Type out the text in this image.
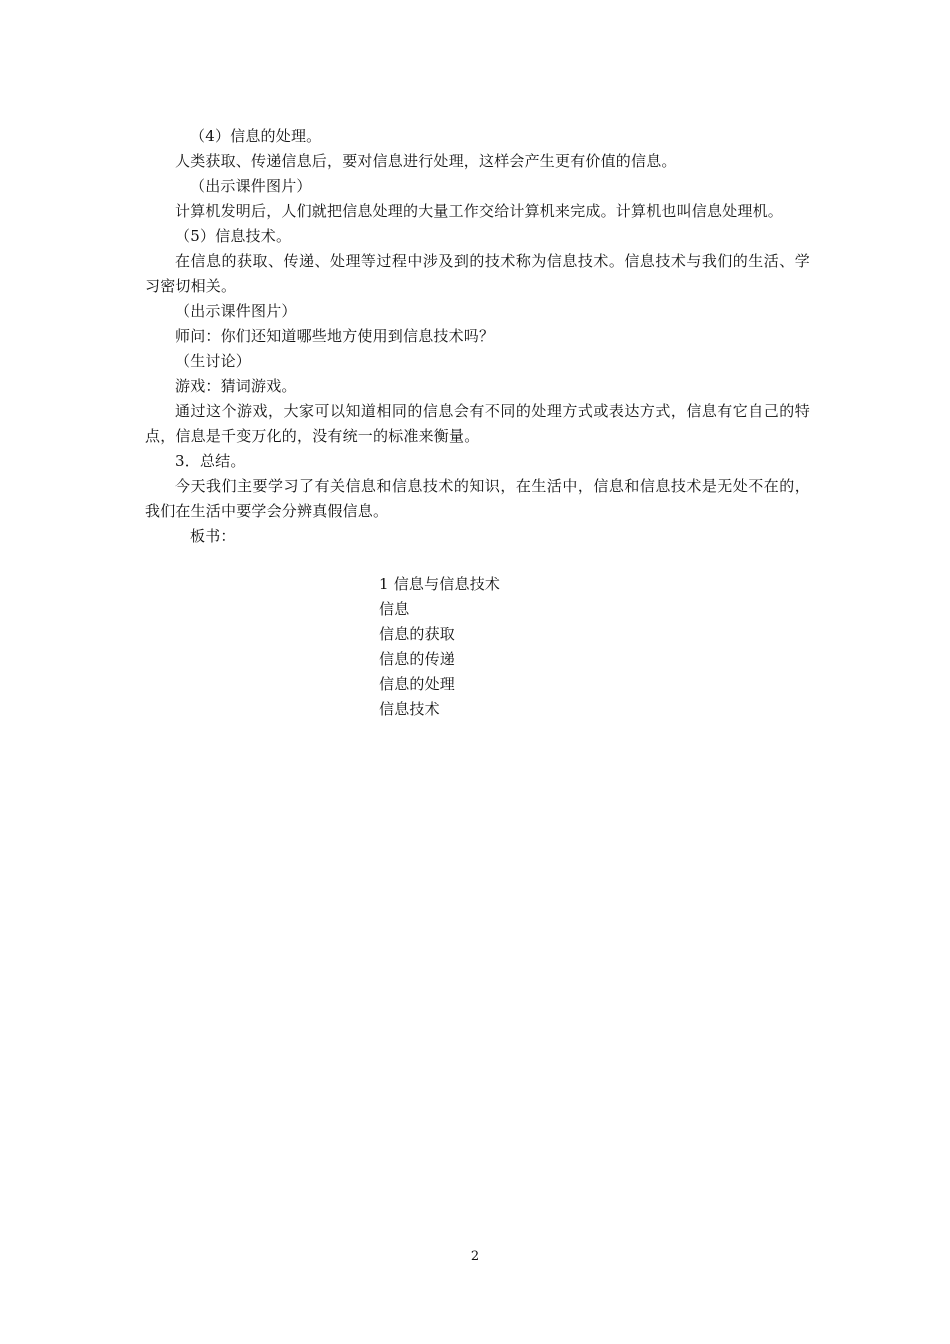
（4）信息的处理。

人类获取、传递信息后，要对信息进行处理，这样会产生更有价值的信息。

（出示课件图片）

计算机发明后，人们就把信息处理的大量工作交给计算机来完成。计算机也叫信息处理机。

（5）信息技术。

在信息的获取、传递、处理等过程中涉及到的技术称为信息技术。信息技术与我们的生活、学习密切相关。

（出示课件图片）

师问：你们还知道哪些地方使用到信息技术吗？

（生讨论）

游戏：猜词游戏。

通过这个游戏，大家可以知道相同的信息会有不同的处理方式或表达方式，信息有它自己的特点，信息是千变万化的，没有统一的标准来衡量。

3．总结。

今天我们主要学习了有关信息和信息技术的知识，在生活中，信息和信息技术是无处不在的，我们在生活中要学会分辨真假信息。

板书：

1 信息与信息技术
信息
信息的获取
信息的传递
信息的处理
信息技术
2
